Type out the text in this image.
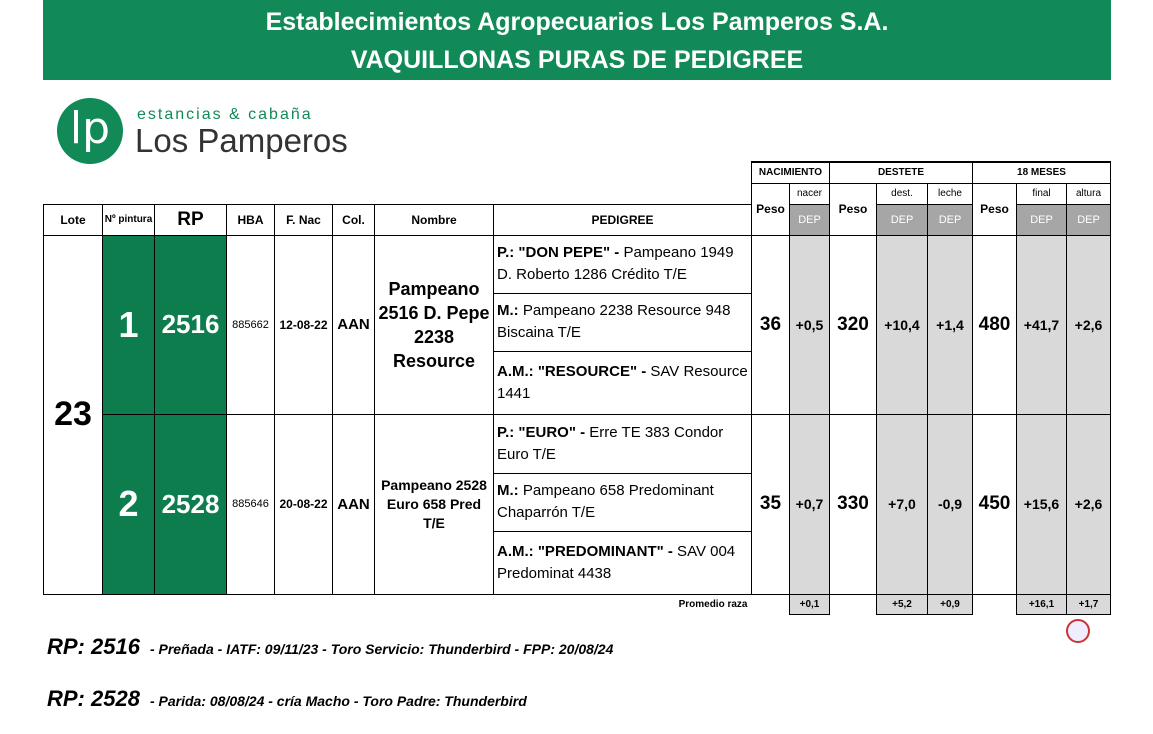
Establecimientos Agropecuarios Los Pamperos S.A.
VAQUILLONAS PURAS DE PEDIGREE
lp	estancias & cabaña
Los Pamperos
								NACIMIENTO		DESTETE			18 MESES		
								Peso	nacer	Peso	dest.	leche	Peso	final	altura
Lote	Nº pintura	RP	HBA	F. Nac	Col.	Nombre	PEDIGREE		DEP		DEP	DEP		DEP	DEP
23	1	2516	885662	12-08-22	AAN	Pampeano 2516 D. Pepe 2238 Resource	P.: "DON PEPE" - Pampeano 1949 D. Roberto 1286 Crédito T/E	36	+0,5	320	+10,4	+1,4	480	+41,7	+2,6
							M.: Pampeano 2238 Resource 948 Biscaina T/E								
							A.M.: "RESOURCE" - SAV Resource 1441								
	2	2528	885646	20-08-22	AAN	Pampeano 2528 Euro 658 Pred T/E	P.: "EURO" - Erre TE 383 Condor Euro T/E	35	+0,7	330	+7,0	-0,9	450	+15,6	+2,6
							M.: Pampeano 658 Predominant Chaparrón T/E								
							A.M.: "PREDOMINANT" - SAV 004 Predominat 4438								
Promedio raza									+0,1		+5,2	+0,9		+16,1	+1,7
RP: 2516 - Preñada - IATF: 09/11/23 - Toro Servicio: Thunderbird - FPP: 20/08/24
RP: 2528 - Parida: 08/08/24 - cría Macho - Toro Padre: Thunderbird
